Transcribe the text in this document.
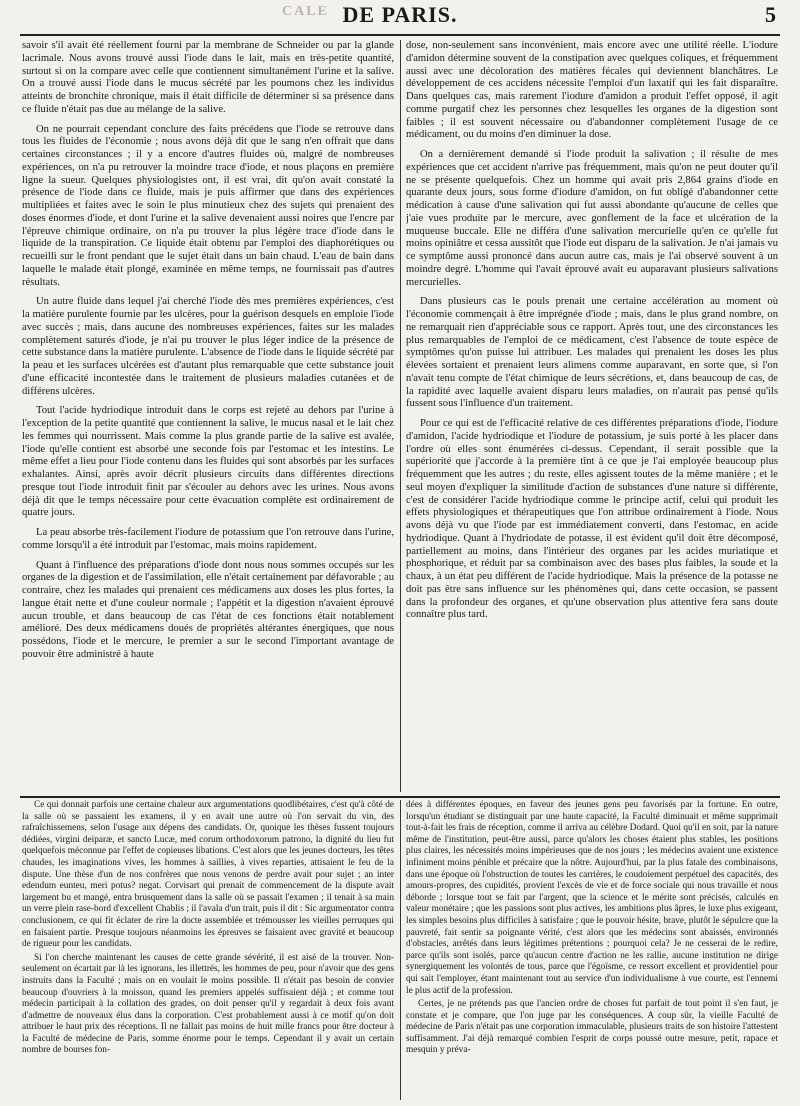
CALE DE PARIS.	5

savoir s'il avait été réellement fourni par la membrane de Schneider ou par la glande lacrimale. Nous avons trouvé aussi l'iode dans le lait, mais en très-petite quantité, surtout si on la compare avec celle que contiennent simultanément l'urine et la salive. On a trouvé aussi l'iode dans le mucus sécrété par les poumons chez les individus atteints de bronchite chronique, mais il était difficile de déterminer si sa présence dans ce fluide n'était pas due au mélange de la salive.

On ne pourrait cependant conclure des faits précédens que l'iode se retrouve dans tous les fluides de l'économie ; nous avons déjà dit que le sang n'en offrait que dans certaines circonstances ; il y a encore d'autres fluides où, malgré de nombreuses expériences, on n'a pu retrouver la moindre trace d'iode, et nous plaçons en première ligne la sueur. Quelques physiologistes ont, il est vrai, dit qu'on avait constaté la présence de l'iode dans ce fluide, mais je puis affirmer que dans des expériences multipliées et faites avec le soin le plus minutieux chez des sujets qui prenaient des doses énormes d'iode, et dont l'urine et la salive devenaient aussi noires que l'encre par l'épreuve chimique ordinaire, on n'a pu trouver la plus légère trace d'iode dans le liquide de la transpiration. Ce liquide était obtenu par l'emploi des diaphorétiques ou recueilli sur le front pendant que le sujet était dans un bain chaud. L'eau de bain dans laquelle le malade était plongé, examinée en même temps, ne fournissait pas d'autres résultats.

Un autre fluide dans lequel j'ai cherché l'iode dès mes premières expériences, c'est la matière purulente fournie par les ulcères, pour la guérison desquels en emploie l'iode avec succès ; mais, dans aucune des nombreuses expériences, faites sur les malades complètement saturés d'iode, je n'ai pu trouver le plus léger indice de la présence de cette substance dans la matière purulente. L'absence de l'iode dans le liquide sécrété par la peau et les surfaces ulcérées est d'autant plus remarquable que cette substance jouit d'une efficacité incontestée dans le traitement de plusieurs maladies cutanées et de différens ulcères.

Tout l'acide hydriodique introduit dans le corps est rejeté au dehors par l'urine à l'exception de la petite quantité que contiennent la salive, le mucus nasal et le lait chez les femmes qui nourrissent. Mais comme la plus grande partie de la salive est avalée, l'iode qu'elle contient est absorbé une seconde fois par l'estomac et les intestins. Le même effet a lieu pour l'iode contenu dans les fluides qui sont absorbés par les surfaces exhalantes. Ainsi, après avoir décrit plusieurs circuits dans différentes directions presque tout l'iode introduit finit par s'écouler au dehors avec les urines. Nous avons déjà dit que le temps nécessaire pour cette évacuation complète est ordinairement de quatre jours.

La peau absorbe très-facilement l'iodure de potassium que l'on retrouve dans l'urine, comme lorsqu'il a été introduit par l'estomac, mais moins rapidement.

Quant à l'influence des préparations d'iode dont nous nous sommes occupés sur les organes de la digestion et de l'assimilation, elle n'était certainement par défavorable ; au contraire, chez les malades qui prenaient ces médicamens aux doses les plus fortes, la langue était nette et d'une couleur normale ; l'appétit et la digestion n'avaient éprouvé aucun trouble, et dans beaucoup de cas l'état de ces fonctions était notablement amélioré. Des deux médicamens doués de propriétés altérantes énergiques, que nous possédons, l'iode et le mercure, le premier a sur le second l'important avantage de pouvoir être administré à haute

dose, non-seulement sans inconvénient, mais encore avec une utilité réelle. L'iodure d'amidon détermine souvent de la constipation avec quelques coliques, et fréquemment aussi avec une décoloration des matières fécales qui deviennent blanchâtres. Le développement de ces accidens nécessite l'emploi d'un laxatif qui les fait disparaître. Dans quelques cas, mais rarement l'iodure d'amidon a produit l'effet opposé, il agit comme purgatif chez les personnes chez lesquelles les organes de la digestion sont faibles ; il est souvent nécessaire ou d'abandonner complètement l'usage de ce médicament, ou du moins d'en diminuer la dose.

On a dernièrement demandé si l'iode produit la salivation ; il résulte de mes expériences que cet accident n'arrive pas fréquemment, mais qu'on ne peut douter qu'il ne se présente quelquefois. Chez un homme qui avait pris 2,864 grains d'iode en quarante deux jours, sous forme d'iodure d'amidon, on fut obligé d'abandonner cette médication à cause d'une salivation qui fut aussi abondante qu'aucune de celles que j'aie vues produite par le mercure, avec gonflement de la face et ulcération de la muqueuse buccale. Elle ne différa d'une salivation mercurielle qu'en ce qu'elle fut moins opiniâtre et cessa aussitôt que l'iode eut disparu de la salivation. Je n'ai jamais vu ce symptôme aussi prononcé dans aucun autre cas, mais je l'ai observé souvent à un moindre degré. L'homme qui l'avait éprouvé avait eu auparavant plusieurs salivations mercurielles.

Dans plusieurs cas le pouls prenait une certaine accélération au moment où l'économie commençait à être imprégnée d'iode ; mais, dans le plus grand nombre, on ne remarquait rien d'appréciable sous ce rapport. Après tout, une des circonstances les plus remarquables de l'emploi de ce médicament, c'est l'absence de toute espèce de symptômes qu'on puisse lui attribuer. Les malades qui prenaient les doses les plus élevées sortaient et prenaient leurs alimens comme auparavant, en sorte que, si l'on n'avait tenu compte de l'état chimique de leurs sécrétions, et, dans beaucoup de cas, de la rapidité avec laquelle avaient disparu leurs maladies, on n'aurait pas pensé qu'ils fussent sous l'influence d'un traitement.

Pour ce qui est de l'efficacité relative de ces différentes préparations d'iode, l'iodure d'amidon, l'acide hydriodique et l'iodure de potassium, je suis porté à les placer dans l'ordre où elles sont énumérées ci-dessus. Cependant, il serait possible que la supériorité que j'accorde à la première tînt à ce que je l'ai employée beaucoup plus fréquemment que les autres ; du reste, elles agissent toutes de la même manière ; et le seul moyen d'expliquer la similitude d'action de substances d'une nature si différente, c'est de considérer l'acide hydriodique comme le principe actif, celui qui produit les effets physiologiques et thérapeutiques que l'on attribue ordinairement à l'iode. Nous avons déjà vu que l'iode par est immédiatement converti, dans l'estomac, en acide hydriodique. Quant à l'hydriodate de potasse, il est évident qu'il doit être décomposé, partiellement au moins, dans l'intérieur des organes par les acides muriatique et phosphorique, et réduit par sa combinaison avec des bases plus faibles, la soude et la chaux, à un état peu différent de l'acide hydriodique. Mais la présence de la potasse ne doit pas être sans influence sur les phénomènes qui, dans cette occasion, se passent dans la profondeur des organes, et qu'une observation plus attentive fera sans doute connaître plus tard.

Ce qui donnait parfois une certaine chaleur aux argumentations quodlibétaires, c'est qu'à côté de la salle où se passaient les examens, il y en avait une autre où l'on servait du vin, des rafraîchissemens, selon l'usage aux dépens des candidats. Or, quoique les thèses fussent toujours dédiées, virgini deiparæ, et sancto Lucæ, med corum orthodoxorum patrono, la dignité du lieu fut quelquefois méconnue par l'effet de copieuses libations. C'est alors que les jeunes docteurs, les têtes chaudes, les imaginations vives, les hommes à saillies, à vives reparties, attisaient le feu de la dispute. Une thèse d'un de nos confrères que nous venons de perdre avait pour sujet ; an inter edendum eunteu, meri potus? negat. Corvisart qui prenait de commencement de la dispute avait largement bu et mangé, entra brusquement dans la salle où se passait l'examen ; il tenait à sa main un verre plein rase-bord d'excellent Chablis ; il l'avala d'un trait, puis il dit : Sic argumentator contra conclusionem, ce qui fit éclater de rire la docte assemblée et trémousser les vieilles perruques qui en faisaient partie. Presque toujours néanmoins les épreuves se faisaient avec gravité et beaucoup de rigueur pour les candidats.

Si l'on cherche maintenant les causes de cette grande sévérité, il est aisé de la trouver. Non-seulement on écartait par là les ignorans, les illettrés, les hommes de peu, pour n'avoir que des gens instruits dans la Faculté ; mais on en voulait le moins possible. Il n'était pas besoin de convier beaucoup d'ouvriers à la moisson, quand les premiers appelés suffisaient déjà ; et comme tout médecin participait à la collation des grades, on doit penser qu'il y regardait à deux fois avant d'admettre de nouveaux élus dans la corporation. C'est probablement aussi à ce motif qu'on doit attribuer le haut prix des réceptions. Il ne fallait pas moins de huit mille francs pour être docteur à la Faculté de médecine de Paris, somme énorme pour le temps. Cependant il y avait un certain nombre de bourses fon-

dées à différentes époques, en faveur des jeunes gens peu favorisés par la fortune. En outre, lorsqu'un étudiant se distinguait par une haute capacité, la Faculté diminuait et même supprimait tout-à-fait les frais de réception, comme il arriva au célèbre Dodard. Quoi qu'il en soit, par la nature même de l'institution, peut-être aussi, parce qu'alors les choses étaient plus stables, les positions plus claires, les nécessités moins impérieuses que de nos jours ; les médecins avaient une existence infiniment moins pénible et précaire que la nôtre. Aujourd'hui, par la plus fatale des combinaisons, dans une époque où l'obstruction de toutes les carrières, le coudoiement perpétuel des capacités, des amours-propres, des cupidités, provient l'excès de vie et de force sociale qui nous travaille et nous déborde ; lorsque tout se fait par l'argent, que la science et le mérite sont précisés, calculés en valeur monétaire ; que les passions sont plus actives, les ambitions plus âpres, le luxe plus exigeant, les simples besoins plus difficiles à satisfaire ; que le pouvoir hésite, brave, plutôt le sépulcre que la pauvreté, fait sentir sa poignante vérité, c'est alors que les médecins sont abaissés, environnés d'obstacles, arrêtés dans leurs légitimes prétentions ; pourquoi cela? Je ne cesserai de le redire, parce qu'ils sont isolés, parce qu'aucun centre d'action ne les rallie, aucune institution ne dirige synergiquement les volontés de tous, parce que l'égoïsme, ce ressort excellent et providentiel pour qui sait l'employer, étant maintenant tout au service d'un individualisme à vue courte, est l'ennemi le plus actif de la profession.

Certes, je ne prétends pas que l'ancien ordre de choses fut parfait de tout point il s'en faut, je constate et je compare, que l'on juge par les conséquences. A coup sûr, la vieille Faculté de médecine de Paris n'était pas une corporation immaculable, plusieurs traits de son histoire l'attestent suffisamment. J'ai déjà remarqué combien l'esprit de corps poussé outre mesure, petit, rapace et mesquin y préva-
